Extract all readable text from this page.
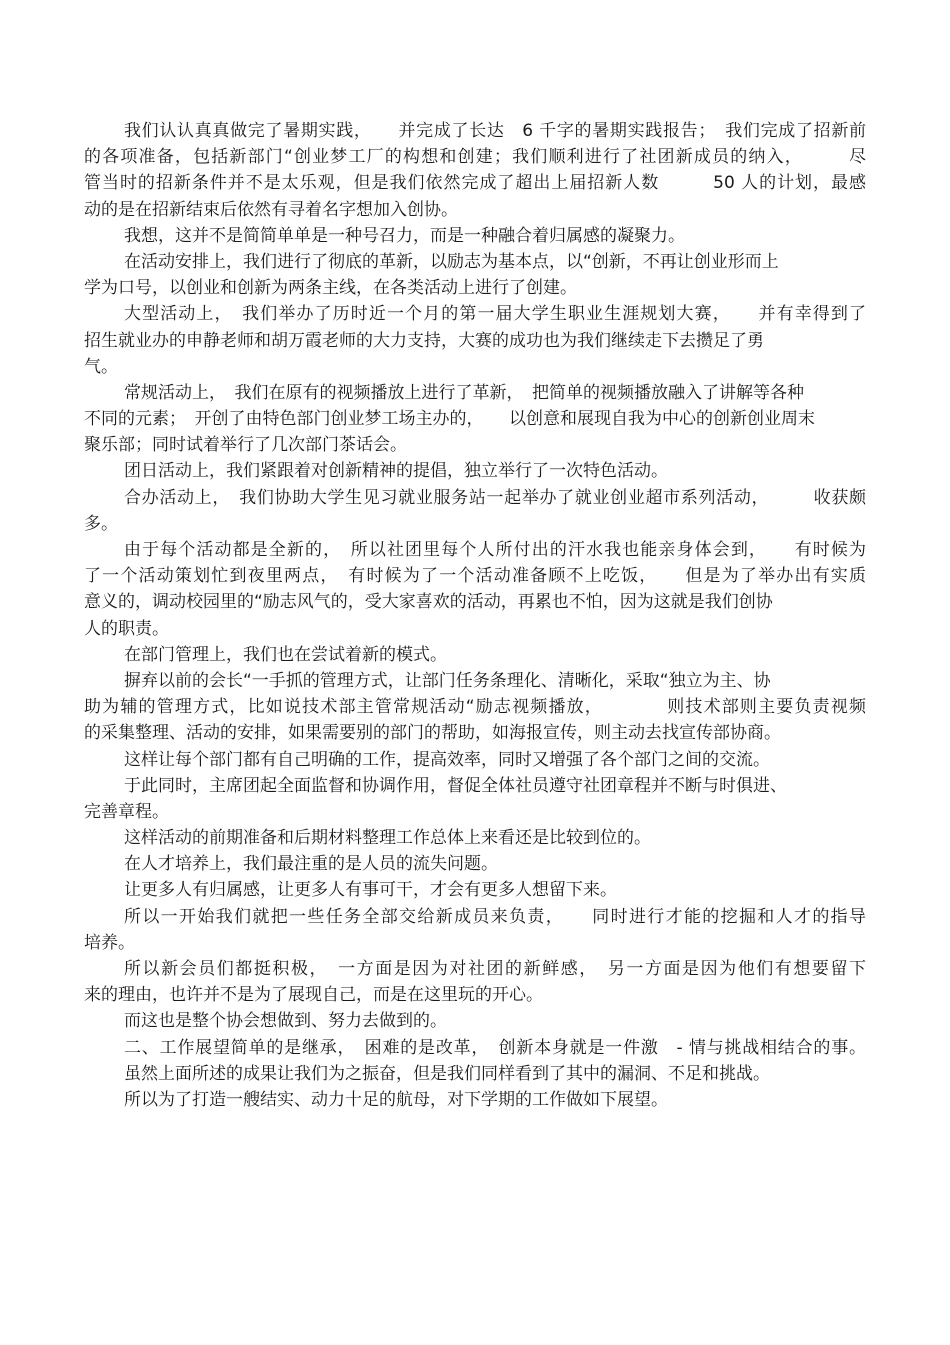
我们认认真真做完了暑期实践，　　并完成了长达　6 千字的暑期实践报告；　我们完成了招新前
的各项准备，包括新部门“创业梦工厂的构想和创建；我们顺利进行了社团新成员的纳入，　　　尽
管当时的招新条件并不是太乐观，但是我们依然完成了超出上届招新人数　　　50 人的计划，最感
动的是在招新结束后依然有寻着名字想加入创协。
我想，这并不是简简单单是一种号召力，而是一种融合着归属感的凝聚力。
在活动安排上，我们进行了彻底的革新，以励志为基本点，以“创新，不再让创业形而上
学为口号，以创业和创新为两条主线，在各类活动上进行了创建。
大型活动上，　我们举办了历时近一个月的第一届大学生职业生涯规划大赛，　　并有幸得到了
招生就业办的申静老师和胡万霞老师的大力支持，大赛的成功也为我们继续走下去攒足了勇
气。
常规活动上，　我们在原有的视频播放上进行了革新，　把简单的视频播放融入了讲解等各种
不同的元素；　开创了由特色部门创业梦工场主办的，　　以创意和展现自我为中心的创新创业周末
聚乐部；同时试着举行了几次部门茶话会。
团日活动上，我们紧跟着对创新精神的提倡，独立举行了一次特色活动。
合办活动上，　我们协助大学生见习就业服务站一起举办了就业创业超市系列活动，　　　收获颇
多。
由于每个活动都是全新的，　所以社团里每个人所付出的汗水我也能亲身体会到，　　有时候为
了一个活动策划忙到夜里两点，　有时候为了一个活动准备顾不上吃饭，　　但是为了举办出有实质
意义的，调动校园里的“励志风气的，受大家喜欢的活动，再累也不怕，因为这就是我们创协
人的职责。
在部门管理上，我们也在尝试着新的模式。
摒弃以前的会长“一手抓的管理方式，让部门任务条理化、清晰化，采取“独立为主、协
助为辅的管理方式，比如说技术部主管常规活动“励志视频播放，　　　　则技术部则主要负责视频
的采集整理、活动的安排，如果需要别的部门的帮助，如海报宣传，则主动去找宣传部协商。
这样让每个部门都有自己明确的工作，提高效率，同时又增强了各个部门之间的交流。
于此同时，主席团起全面监督和协调作用，督促全体社员遵守社团章程并不断与时俱进、
完善章程。
这样活动的前期准备和后期材料整理工作总体上来看还是比较到位的。
在人才培养上，我们最注重的是人员的流失问题。
让更多人有归属感，让更多人有事可干，才会有更多人想留下来。
所以一开始我们就把一些任务全部交给新成员来负责，　　同时进行才能的挖掘和人才的指导
培养。
所以新会员们都挺积极，　一方面是因为对社团的新鲜感，　另一方面是因为他们有想要留下
来的理由，也许并不是为了展现自己，而是在这里玩的开心。
而这也是整个协会想做到、努力去做到的。
二、工作展望简单的是继承，　困难的是改革，　创新本身就是一件激　- 情与挑战相结合的事。
虽然上面所述的成果让我们为之振奋，但是我们同样看到了其中的漏洞、不足和挑战。
所以为了打造一艘结实、动力十足的航母，对下学期的工作做如下展望。
